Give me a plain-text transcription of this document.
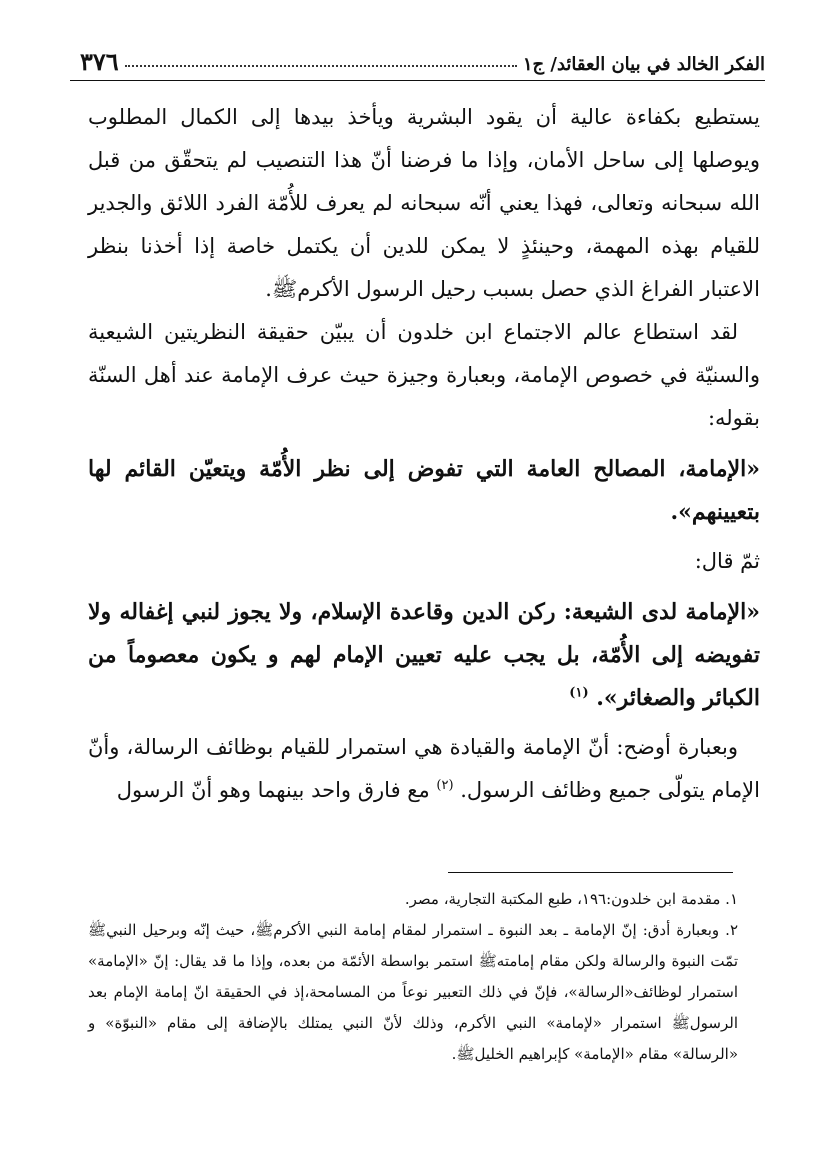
الفكر الخالد في بيان العقائد/ ج١
٣٧٦

يستطيع بكفاءة عالية أن يقود البشرية ويأخذ بيدها إلى الكمال المطلوب ويوصلها إلى ساحل الأمان، وإذا ما فرضنا أنّ هذا التنصيب لم يتحقّق من قبل الله سبحانه وتعالى، فهذا يعني أنّه سبحانه لم يعرف للأُمّة الفرد اللائق والجدير للقيام بهذه المهمة، وحينئذٍ لا يمكن للدين أن يكتمل خاصة إذا أخذنا بنظر الاعتبار الفراغ الذي حصل بسبب رحيل الرسول الأكرمﷺ.

لقد استطاع عالم الاجتماع ابن خلدون أن يبيّن حقيقة النظريتين الشيعية والسنيّة في خصوص الإمامة، وبعبارة وجيزة حيث عرف الإمامة عند أهل السنّة بقوله:

«الإمامة، المصالح العامة التي تفوض إلى نظر الأُمّة ويتعيّن القائم لها بتعيينهم».

ثمّ قال:

«الإمامة لدى الشيعة: ركن الدين وقاعدة الإسلام، ولا يجوز لنبي إغفاله ولا تفويضه إلى الأُمّة، بل يجب عليه تعيين الإمام لهم و يكون معصوماً من الكبائر والصغائر». $^{(١)}$

وبعبارة أوضح: أنّ الإمامة والقيادة هي استمرار للقيام بوظائف الرسالة، وأنّ الإمام يتولّى جميع وظائف الرسول. $^{(٢)}$ مع فارق واحد بينهما وهو أنّ الرسول

١. مقدمة ابن خلدون:١٩٦، طبع المكتبة التجارية، مصر.

٢. وبعبارة أدق: إنّ الإمامة ـ بعد النبوة ـ استمرار لمقام إمامة النبي الأكرمﷺ، حيث إنّه وبرحيل النبيﷺ تمّت النبوة والرسالة ولكن مقام إمامتهﷺ استمر بواسطة الأئمّة من بعده، وإذا ما قد يقال: إنّ «الإمامة» استمرار لوظائف«الرسالة»، فإنّ في ذلك التعبير نوعاً من المسامحة،إذ في الحقيقة انّ إمامة الإمام بعد الرسولﷺ استمرار «لإمامة» النبي الأكرم، وذلك لأنّ النبي يمتلك بالإضافة إلى مقام «النبوّة» و «الرسالة» مقام «الإمامة» كإبراهيم الخليلﷺ.
